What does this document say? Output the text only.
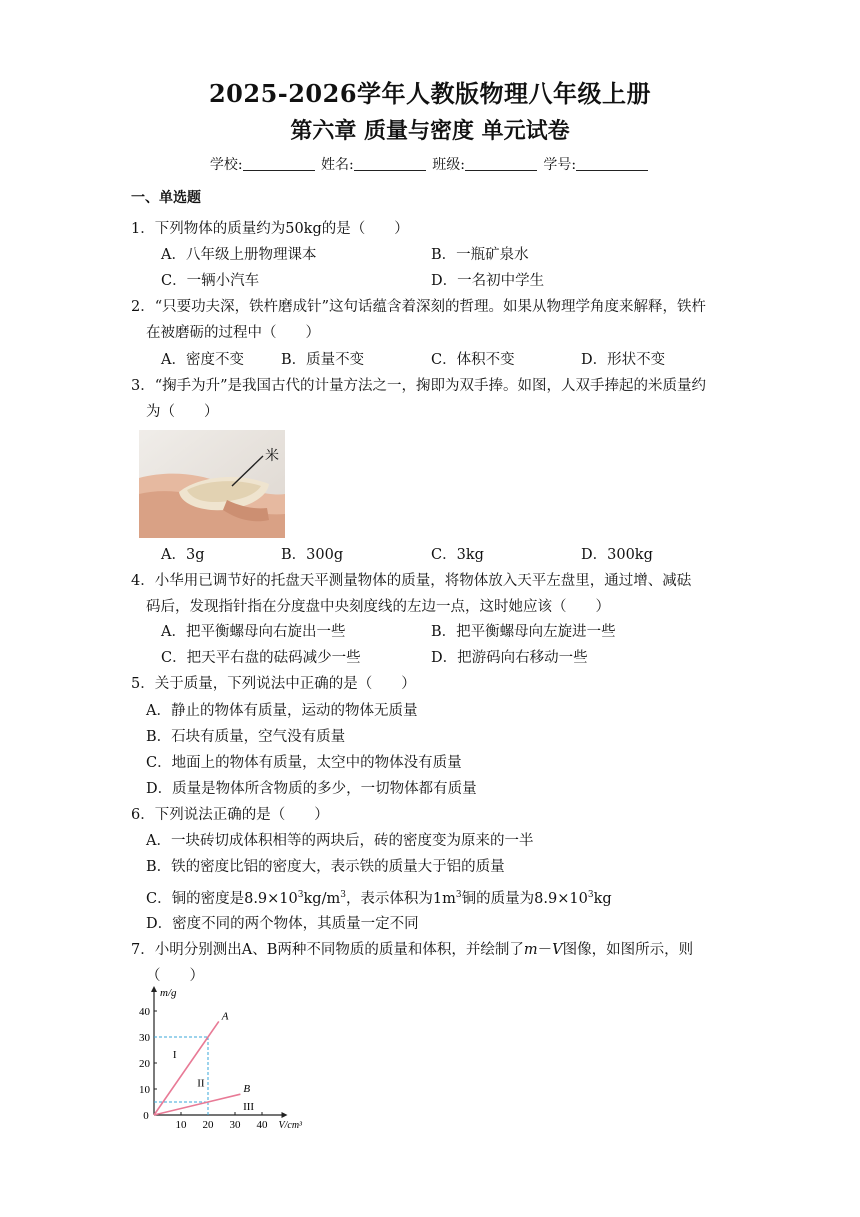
2025-2026学年人教版物理八年级上册
第六章 质量与密度 单元试卷
学校:	姓名:	班级:	学号:
一、单选题
1．下列物体的质量约为50kg的是（　　）
A．八年级上册物理课本	B．一瓶矿泉水
C．一辆小汽车	D．一名初中学生
2．“只要功夫深，铁杵磨成针”这句话蕴含着深刻的哲理。如果从物理学角度来解释，铁杵
在被磨砺的过程中（　　）
A．密度不变	B．质量不变	C．体积不变	D．形状不变
3．“掬手为升”是我国古代的计量方法之一，掬即为双手捧。如图，人双手捧起的米质量约
为（　　）
米
A．3g	B．300g	C．3kg	D．300kg
4．小华用已调节好的托盘天平测量物体的质量，将物体放入天平左盘里，通过增、减砝
码后，发现指针指在分度盘中央刻度线的左边一点，这时她应该（　　）
A．把平衡螺母向右旋出一些	B．把平衡螺母向左旋进一些
C．把天平右盘的砝码减少一些	D．把游码向右移动一些
5．关于质量，下列说法中正确的是（　　）
A．静止的物体有质量，运动的物体无质量
B．石块有质量，空气没有质量
C．地面上的物体有质量，太空中的物体没有质量
D．质量是物体所含物质的多少，一切物体都有质量
6．下列说法正确的是（　　）
A．一块砖切成体积相等的两块后，砖的密度变为原来的一半
B．铁的密度比铝的密度大，表示铁的质量大于铝的质量
C．铜的密度是$8.9\times 10^3kg/m^3$，表示体积为$1m^3$铜的质量为$8.9\times 10^3kg$
D．密度不同的两个物体，其质量一定不同
7．小明分别测出A、B两种不同物质的质量和体积，并绘制了m－V图像，如图所示，则
（　　）
10 20 30 40
10
20
30
40
0
m/g
V/cm³
A
B
I
II
III
